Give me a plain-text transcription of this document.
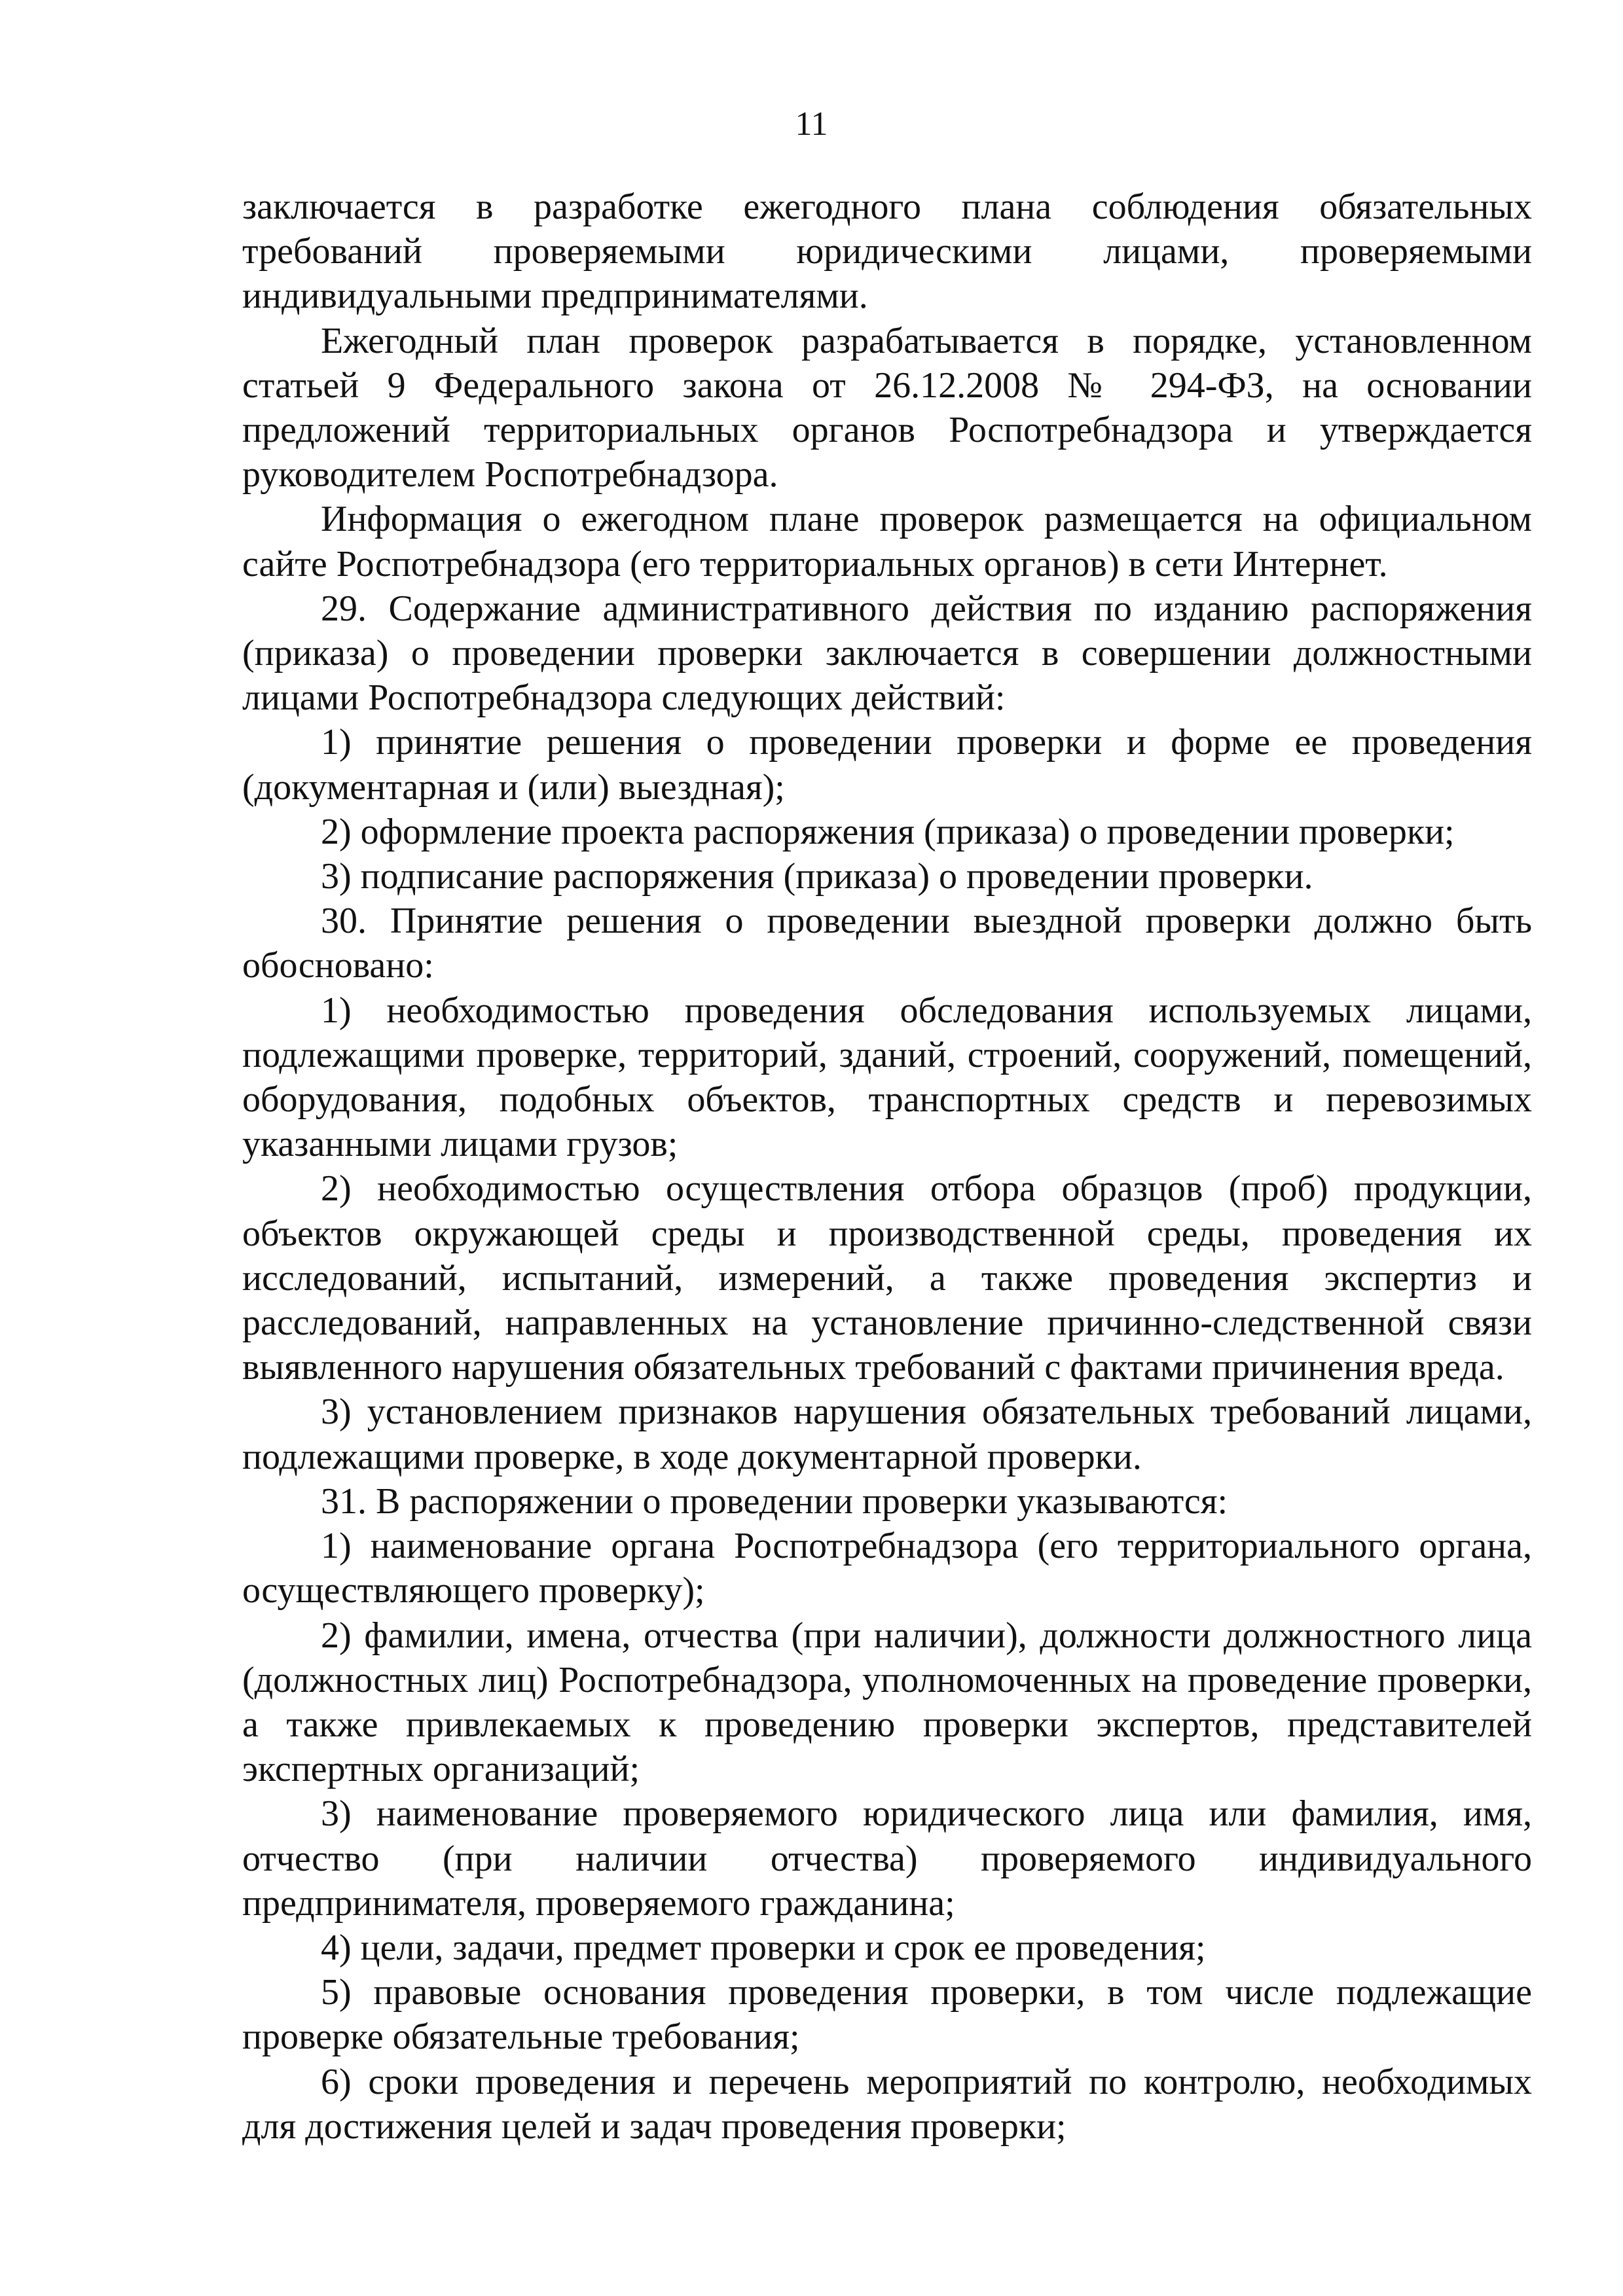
11

заключается в разработке ежегодного плана соблюдения обязательных требований проверяемыми юридическими лицами, проверяемыми индивидуальными предпринимателями.

Ежегодный план проверок разрабатывается в порядке, установленном статьей 9 Федерального закона от 26.12.2008 № 294-ФЗ, на основании предложений территориальных органов Роспотребнадзора и утверждается руководителем Роспотребнадзора.

Информация о ежегодном плане проверок размещается на официальном сайте Роспотребнадзора (его территориальных органов) в сети Интернет.

29. Содержание административного действия по изданию распоряжения (приказа) о проведении проверки заключается в совершении должностными лицами Роспотребнадзора следующих действий:

1) принятие решения о проведении проверки и форме ее проведения (документарная и (или) выездная);

2) оформление проекта распоряжения (приказа) о проведении проверки;

3) подписание распоряжения (приказа) о проведении проверки.

30. Принятие решения о проведении выездной проверки должно быть обосновано:

1) необходимостью проведения обследования используемых лицами, подлежащими проверке, территорий, зданий, строений, сооружений, помещений, оборудования, подобных объектов, транспортных средств и перевозимых указанными лицами грузов;

2) необходимостью осуществления отбора образцов (проб) продукции, объектов окружающей среды и производственной среды, проведения их исследований, испытаний, измерений, а также проведения экспертиз и расследований, направленных на установление причинно-следственной связи выявленного нарушения обязательных требований с фактами причинения вреда.

3) установлением признаков нарушения обязательных требований лицами, подлежащими проверке, в ходе документарной проверки.

31. В распоряжении о проведении проверки указываются:

1) наименование органа Роспотребнадзора (его территориального органа, осуществляющего проверку);

2) фамилии, имена, отчества (при наличии), должности должностного лица (должностных лиц) Роспотребнадзора, уполномоченных на проведение проверки, а также привлекаемых к проведению проверки экспертов, представителей экспертных организаций;

3) наименование проверяемого юридического лица или фамилия, имя, отчество (при наличии отчества) проверяемого индивидуального предпринимателя, проверяемого гражданина;

4) цели, задачи, предмет проверки и срок ее проведения;

5) правовые основания проведения проверки, в том числе подлежащие проверке обязательные требования;

6) сроки проведения и перечень мероприятий по контролю, необходимых для достижения целей и задач проведения проверки;
